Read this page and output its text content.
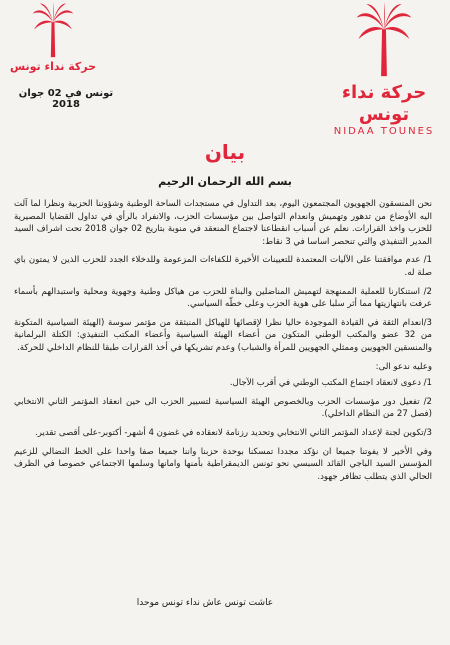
حركة نداء تونس
حركة نداء تونس
NIDAA TOUNES
تونس في 02 جوان 2018
بيان
بسم الله الرحمان الرحيم

نحن المنسقون الجهويون المجتمعون اليوم، بعد التداول في مستجدات الساحة الوطنية وشؤوننا الحزبية ونظرا لما آلت اليه الأوضاع من تدهور وتهميش وانعدام التواصل بين مؤسسات الحزب، والانفراد بالرأي في تداول القضايا المصيرية للحزب واخذ القرارات. نعلم عن أسباب انقطاعنا لاجتماع المنعقد في منوبة بتاريخ 02 جوان 2018 تحت اشراف السيد المدير التنفيذي والتي تنحصر اساسا في 3 نقاط:

1/ عدم موافقتنا على الآليات المعتمدة للتعيينات الأخيرة للكفاءات المزعومة وللدخلاء الجدد للحزب الذين لا يمتون باي صلة له.

2/ استنكارنا للعملية الممنهجة لتهميش المناضلين والبناة للحزب من هياكل وطنية وجهوية ومحلية واستبدالهم بأسماء عرفت بانتهازيتها مما أثر سلبا على هوية الحزب وعلى خطّه السياسي.

3/انعدام الثقة في القيادة الموجودة حاليا نظرا لإقصائها للهياكل المنبثقة من مؤتمر سوسة (الهيئة السياسية المتكونة من 32 عضو والمكتب الوطني المتكون من أعضاء الهيئة السياسية وأعضاء المكتب التنفيذي: الكتلة البرلمانية والمنسقين الجهويين وممثلي الجهويين للمرأة والشباب) وعدم تشريكها في أخذ القرارات طبقا للنظام الداخلي للحركة.

وعليه ندعو الى:

1/ دعوى لانعقاد اجتماع المكتب الوطني في أقرب الآجال.

2/ تفعيل دور مؤسسات الحزب وبالخصوص الهيئة السياسية لتسيير الحزب الى حين انعقاد المؤتمر الثاني الانتخابي (فصل 27 من النظام الداخلي).

3/تكوين لجنة لإعداد المؤتمر الثاني الانتخابي وتحديد رزنامة لانعقاده في غضون 4 أشهر- أكتوبر-على أقصى تقدير.

وفي الأخير لا يفوتنا جميعا ان نؤكد مجددا تمسكنا بوحدة حزبنا واننا جميعا صفا واحدا على الخط النضالي للزعيم المؤسس السيد الباجي القائد السبسي نحو تونس الديمقراطية بأمنها وامانها وسلمها الاجتماعي خصوصا في الظرف الحالي الذي يتطلب تظافر جهود.

عاشت تونس عاش نداء تونس موحدا
